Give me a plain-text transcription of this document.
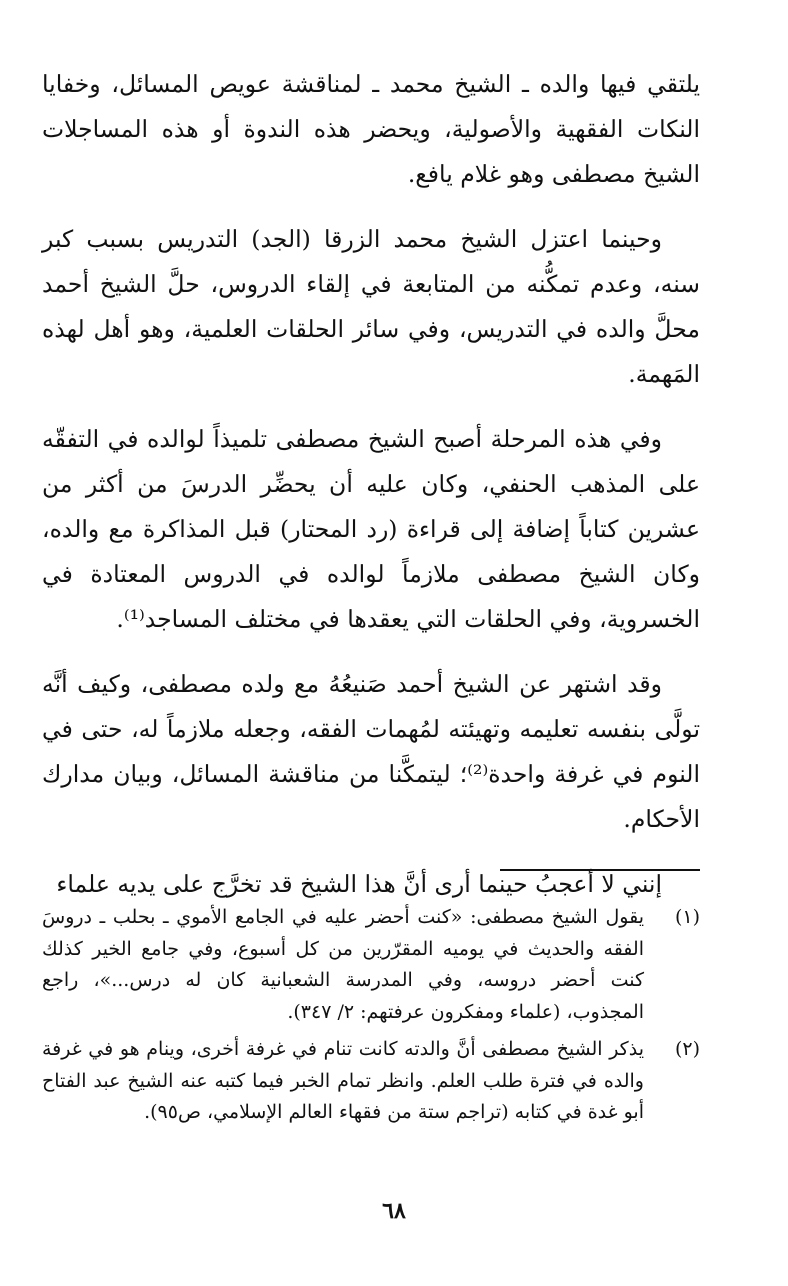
يلتقي فيها والده ـ الشيخ محمد ـ لمناقشة عويص المسائل، وخفايا النكات الفقهية والأصولية، ويحضر هذه الندوة أو هذه المساجلات الشيخ مصطفى وهو غلام يافع.

وحينما اعتزل الشيخ محمد الزرقا (الجد) التدريس بسبب كبر سنه، وعدم تمكُّنه من المتابعة في إلقاء الدروس، حلَّ الشيخ أحمد محلَّ والده في التدريس، وفي سائر الحلقات العلمية، وهو أهل لهذه المَهمة.

وفي هذه المرحلة أصبح الشيخ مصطفى تلميذاً لوالده في التفقّه على المذهب الحنفي، وكان عليه أن يحضِّر الدرسَ من أكثر من عشرين كتاباً إضافة إلى قراءة (رد المحتار) قبل المذاكرة مع والده، وكان الشيخ مصطفى ملازماً لوالده في الدروس المعتادة في الخسروية، وفي الحلقات التي يعقدها في مختلف المساجد⁽¹⁾.

وقد اشتهر عن الشيخ أحمد صَنيعُهُ مع ولده مصطفى، وكيف أنَّه تولَّى بنفسه تعليمه وتهيئته لمُهمات الفقه، وجعله ملازماً له، حتى في النوم في غرفة واحدة⁽²⁾؛ ليتمكَّنا من مناقشة المسائل، وبيان مدارك الأحكام.

إنني لا أعجبُ حينما أرى أنَّ هذا الشيخ قد تخرَّج على يديه علماء

(١)
يقول الشيخ مصطفى: «كنت أحضر عليه في الجامع الأموي ـ بحلب ـ دروسَ الفقه والحديث في يوميه المقرّرين من كل أسبوع، وفي جامع الخير كذلك كنت أحضر دروسه، وفي المدرسة الشعبانية كان له درس...»، راجع المجذوب، (علماء ومفكرون عرفتهم: ٢/ ٣٤٧).
(٢)
يذكر الشيخ مصطفى أنَّ والدته كانت تنام في غرفة أخرى، وينام هو في غرفة والده في فترة طلب العلم. وانظر تمام الخبر فيما كتبه عنه الشيخ عبد الفتاح أبو غدة في كتابه (تراجم ستة من فقهاء العالم الإسلامي، ص٩٥).
٦٨
